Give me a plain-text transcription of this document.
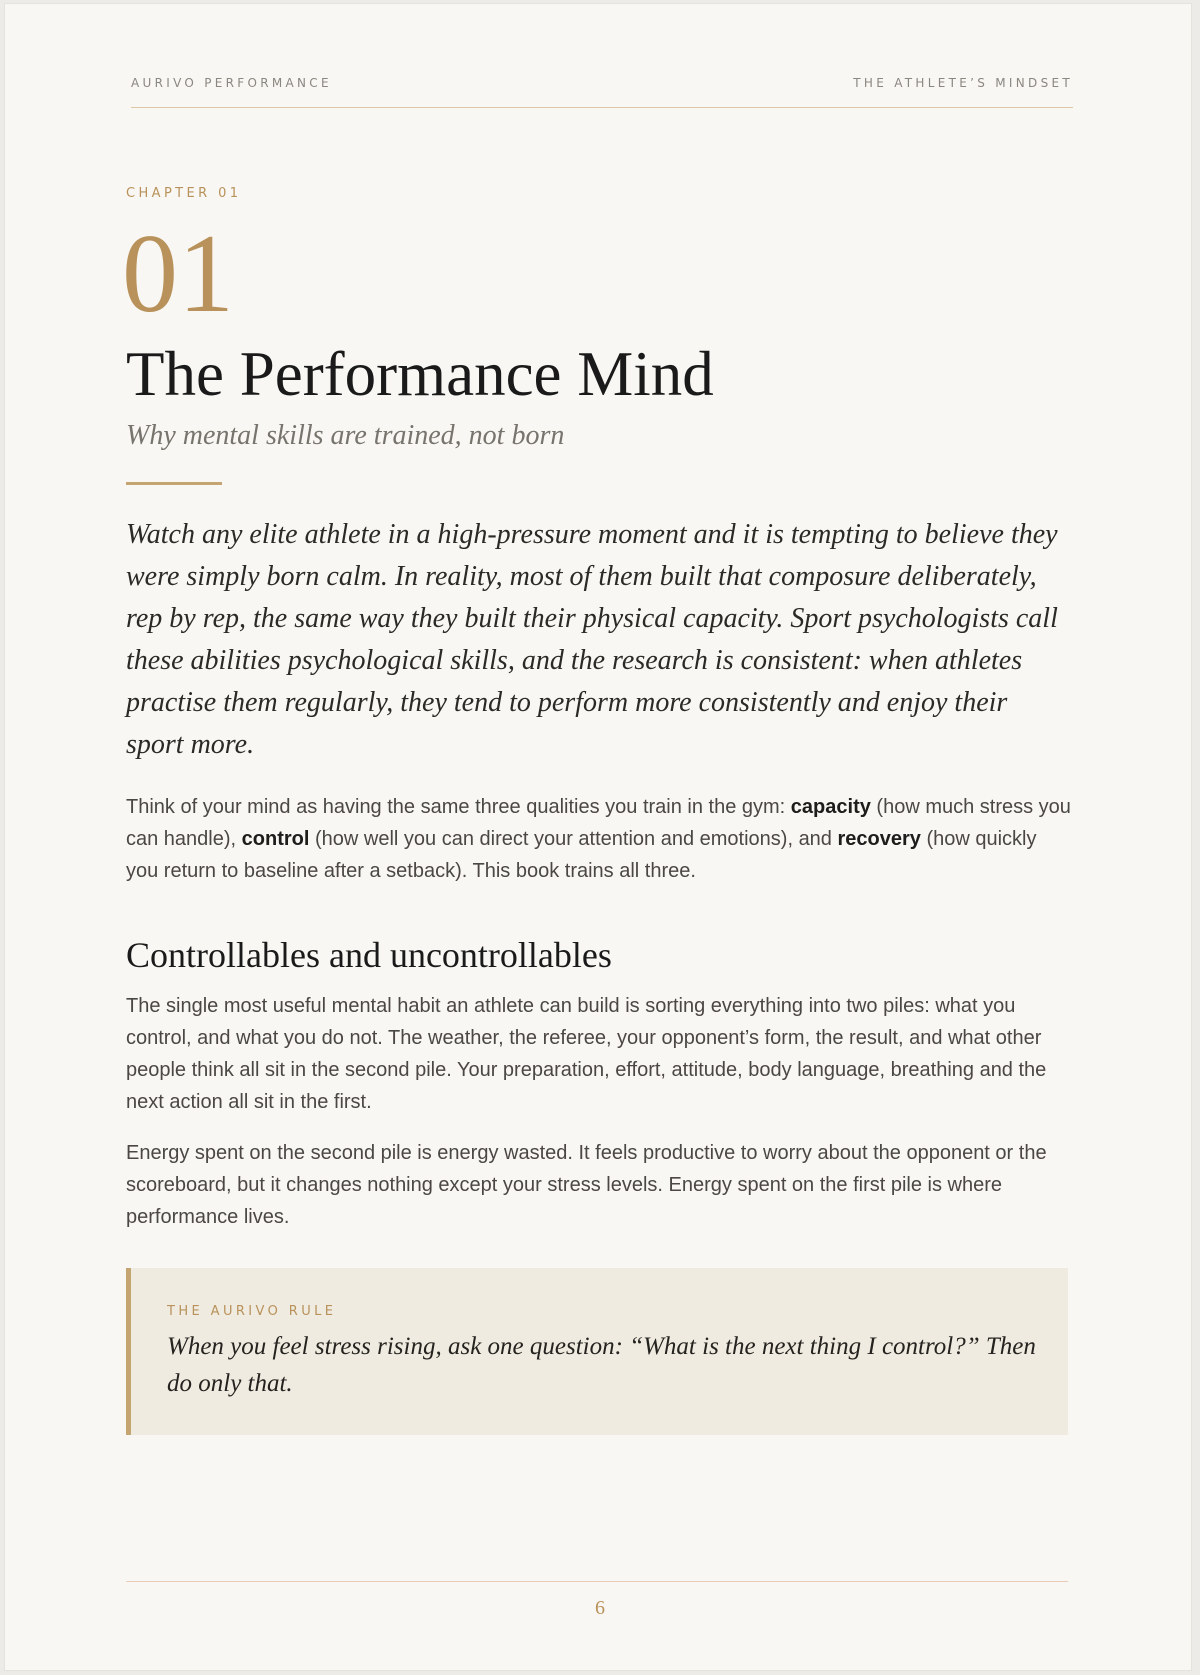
AURIVO PERFORMANCE	THE ATHLETE’S MINDSET
CHAPTER 01
01
The Performance Mind
Why mental skills are trained, not born

Watch any elite athlete in a high-pressure moment and it is tempting to believe they were simply born calm. In reality, most of them built that composure deliberately, rep by rep, the same way they built their physical capacity. Sport psychologists call these abilities psychological skills, and the research is consistent: when athletes practise them regularly, they tend to perform more consistently and enjoy their sport more.

Think of your mind as having the same three qualities you train in the gym: capacity (how much stress you can handle), control (how well you can direct your attention and emotions), and recovery (how quickly you return to baseline after a setback). This book trains all three.

Controllables and uncontrollables

The single most useful mental habit an athlete can build is sorting everything into two piles: what you control, and what you do not. The weather, the referee, your opponent’s form, the result, and what other people think all sit in the second pile. Your preparation, effort, attitude, body language, breathing and the next action all sit in the first.

Energy spent on the second pile is energy wasted. It feels productive to worry about the opponent or the scoreboard, but it changes nothing except your stress levels. Energy spent on the first pile is where performance lives.

THE AURIVO RULE

When you feel stress rising, ask one question: “What is the next thing I control?” Then do only that.

6
